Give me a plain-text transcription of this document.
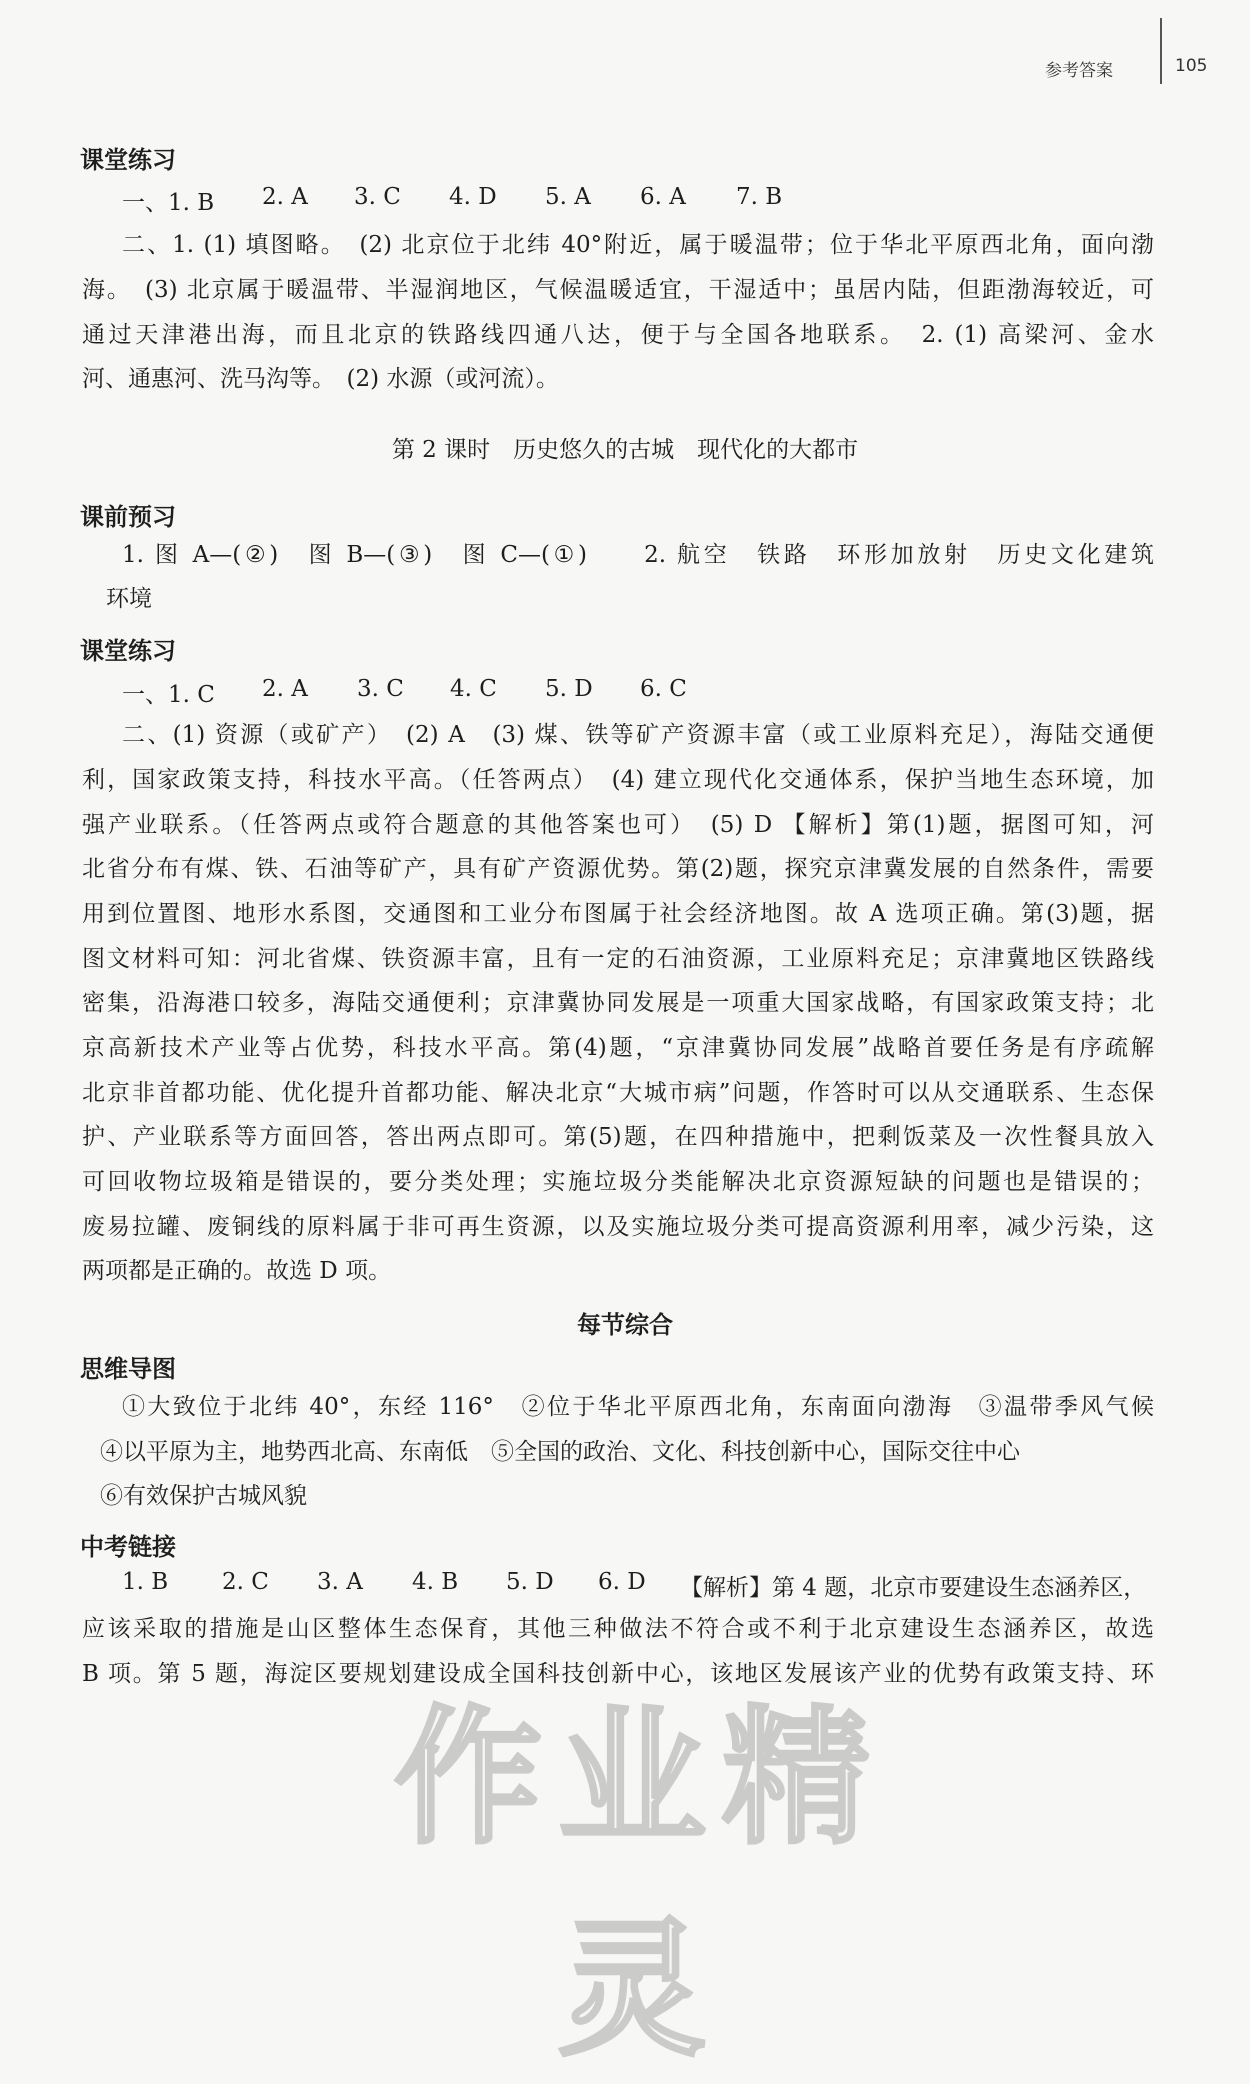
参考答案	105
课堂练习
一、1. B 2. A 3. C 4. D 5. A 6. A 7. B
二、1. (1) 填图略。　(2) 北京位于北纬 40°附近，属于暖温带；位于华北平原西北角，面向渤
海。　(3) 北京属于暖温带、半湿润地区，气候温暖适宜，干湿适中；虽居内陆，但距渤海较近，可
通过天津港出海，而且北京的铁路线四通八达，便于与全国各地联系。　2. (1) 高梁河、金水
河、通惠河、洗马沟等。　(2) 水源（或河流）。
第 2 课时　历史悠久的古城　现代化的大都市
课前预习
1. 图 A—(②)　图 B—(③)　图 C—(①)　　2. 航空　铁路　环形加放射　历史文化建筑
环境
课堂练习
一、1. C 2. A 3. C 4. C 5. D 6. C
二、(1) 资源（或矿产）　(2) A　(3) 煤、铁等矿产资源丰富（或工业原料充足），海陆交通便
利，国家政策支持，科技水平高。（任答两点）　(4) 建立现代化交通体系，保护当地生态环境，加
强产业联系。（任答两点或符合题意的其他答案也可）　(5) D 【解析】第(1)题，据图可知，河
北省分布有煤、铁、石油等矿产，具有矿产资源优势。第(2)题，探究京津冀发展的自然条件，需要
用到位置图、地形水系图，交通图和工业分布图属于社会经济地图。故 A 选项正确。第(3)题，据
图文材料可知：河北省煤、铁资源丰富，且有一定的石油资源，工业原料充足；京津冀地区铁路线
密集，沿海港口较多，海陆交通便利；京津冀协同发展是一项重大国家战略，有国家政策支持；北
京高新技术产业等占优势，科技水平高。第(4)题，“京津冀协同发展”战略首要任务是有序疏解
北京非首都功能、优化提升首都功能、解决北京“大城市病”问题，作答时可以从交通联系、生态保
护、产业联系等方面回答，答出两点即可。第(5)题，在四种措施中，把剩饭菜及一次性餐具放入
可回收物垃圾箱是错误的，要分类处理；实施垃圾分类能解决北京资源短缺的问题也是错误的；
废易拉罐、废铜线的原料属于非可再生资源，以及实施垃圾分类可提高资源利用率，减少污染，这
两项都是正确的。故选 D 项。
每节综合
思维导图
①大致位于北纬 40°，东经 116°　②位于华北平原西北角，东南面向渤海　③温带季风气候
④以平原为主，地势西北高、东南低　⑤全国的政治、文化、科技创新中心，国际交往中心
⑥有效保护古城风貌
中考链接
1. B 2. C 3. A 4. B 5. D 6. D 【解析】第 4 题，北京市要建设生态涵养区，
应该采取的措施是山区整体生态保育，其他三种做法不符合或不利于北京建设生态涵养区，故选
B 项。第 5 题，海淀区要规划建设成全国科技创新中心，该地区发展该产业的优势有政策支持、环
作业精灵
